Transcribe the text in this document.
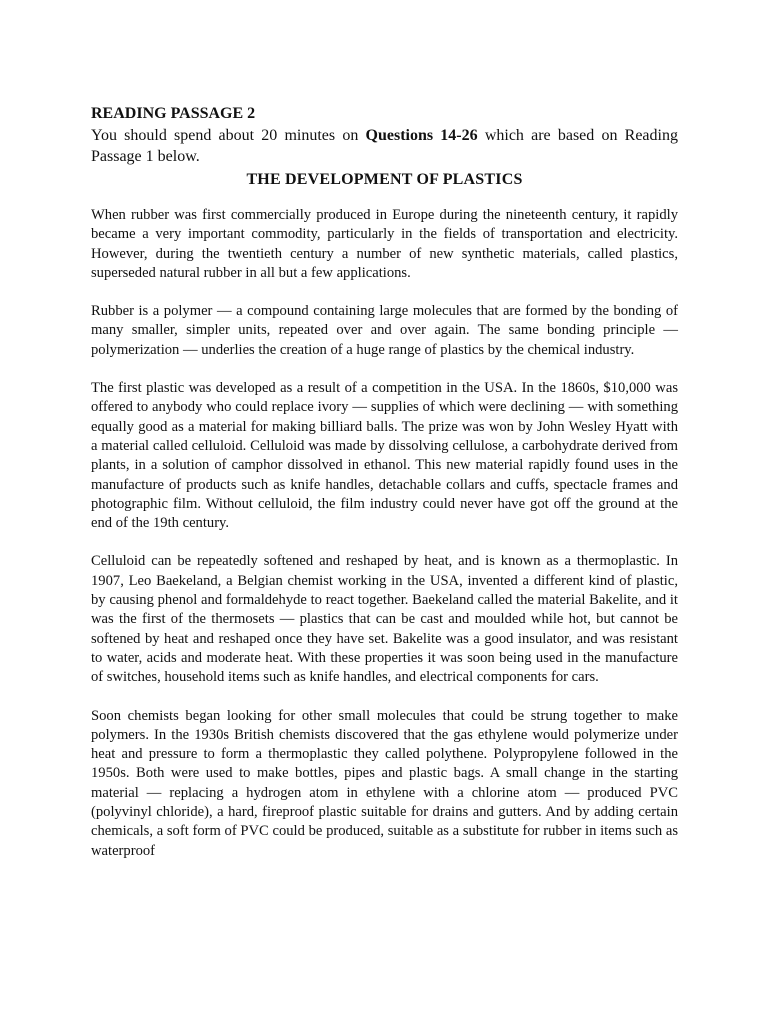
READING PASSAGE 2

You should spend about 20 minutes on Questions 14-26 which are based on Reading Passage 1 below.

THE DEVELOPMENT OF PLASTICS

When rubber was first commercially produced in Europe during the nineteenth century, it rapidly became a very important commodity, particularly in the fields of transportation and electricity. However, during the twentieth century a number of new synthetic materials, called plastics, superseded natural rubber in all but a few applications.

Rubber is a polymer — a compound containing large molecules that are formed by the bonding of many smaller, simpler units, repeated over and over again. The same bonding principle — polymerization — underlies the creation of a huge range of plastics by the chemical industry.

The first plastic was developed as a result of a competition in the USA. In the 1860s, $10,000 was offered to anybody who could replace ivory — supplies of which were declining — with something equally good as a material for making billiard balls. The prize was won by John Wesley Hyatt with a material called celluloid. Celluloid was made by dissolving cellulose, a carbohydrate derived from plants, in a solution of camphor dissolved in ethanol. This new material rapidly found uses in the manufacture of products such as knife handles, detachable collars and cuffs, spectacle frames and photographic film. Without celluloid, the film industry could never have got off the ground at the end of the 19th century.

Celluloid can be repeatedly softened and reshaped by heat, and is known as a thermoplastic. In 1907, Leo Baekeland, a Belgian chemist working in the USA, invented a different kind of plastic, by causing phenol and formaldehyde to react together. Baekeland called the material Bakelite, and it was the first of the thermosets — plastics that can be cast and moulded while hot, but cannot be softened by heat and reshaped once they have set. Bakelite was a good insulator, and was resistant to water, acids and moderate heat. With these properties it was soon being used in the manufacture of switches, household items such as knife handles, and electrical components for cars.

Soon chemists began looking for other small molecules that could be strung together to make polymers. In the 1930s British chemists discovered that the gas ethylene would polymerize under heat and pressure to form a thermoplastic they called polythene. Polypropylene followed in the 1950s. Both were used to make bottles, pipes and plastic bags. A small change in the starting material — replacing a hydrogen atom in ethylene with a chlorine atom — produced PVC (polyvinyl chloride), a hard, fireproof plastic suitable for drains and gutters. And by adding certain chemicals, a soft form of PVC could be produced, suitable as a substitute for rubber in items such as waterproof
